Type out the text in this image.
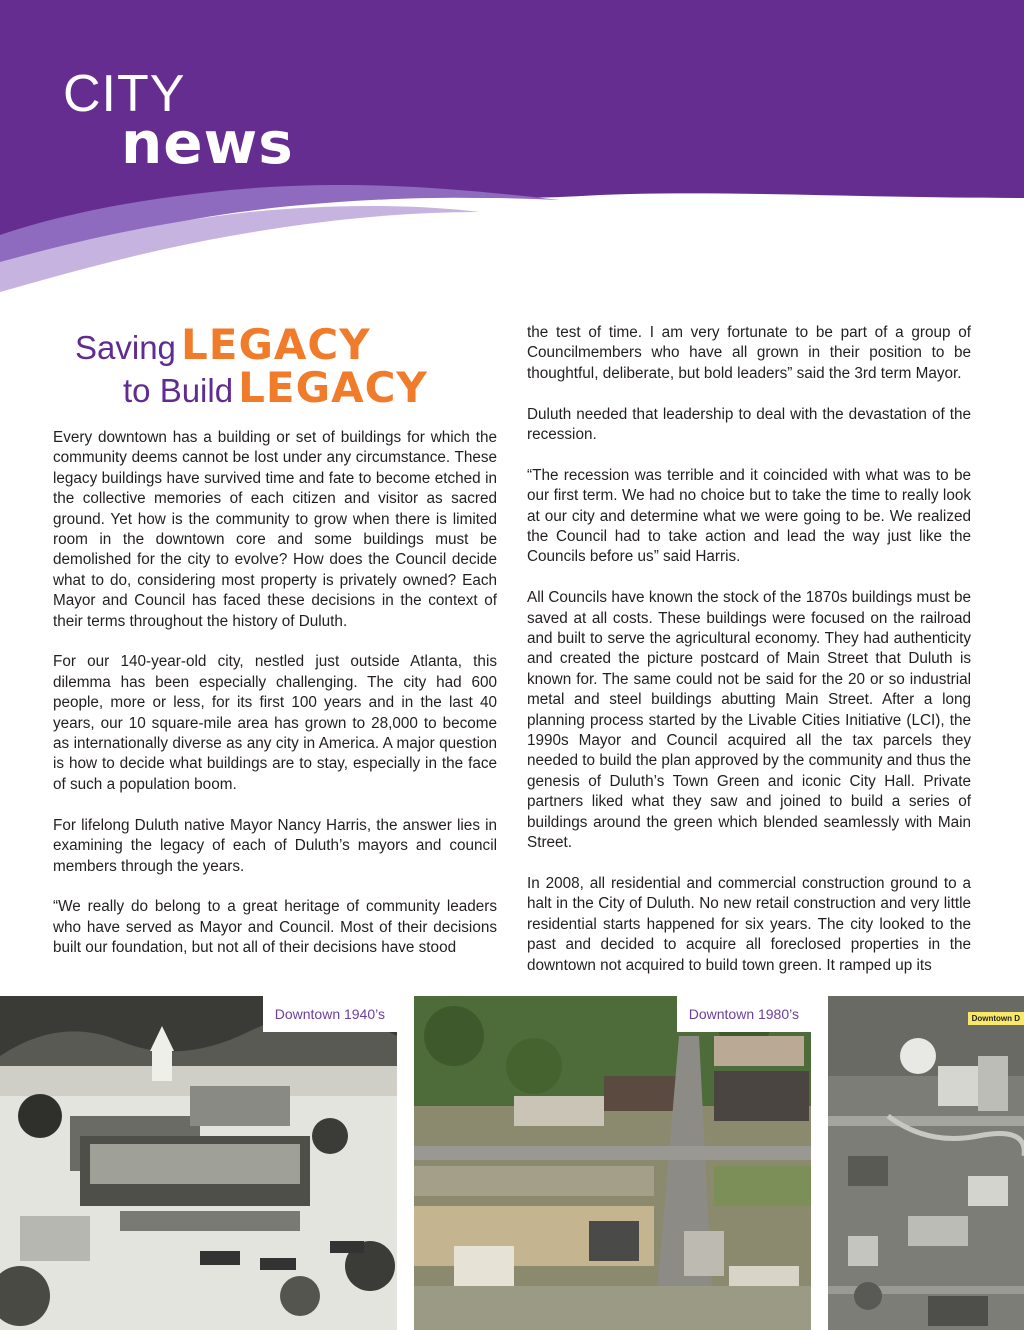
CITY
news
Saving LEGACY
to Build LEGACY

Every downtown has a building or set of buildings for which the community deems cannot be lost under any circumstance. These legacy buildings have survived time and fate to become etched in the collective memories of each citizen and visitor as sacred ground. Yet how is the community to grow when there is limited room in the downtown core and some buildings must be demolished for the city to evolve? How does the Council decide what to do, considering most property is privately owned? Each Mayor and Council has faced these decisions in the context of their terms throughout the history of Duluth.

For our 140-year-old city, nestled just outside Atlanta, this dilemma has been especially challenging. The city had 600 people, more or less, for its first 100 years and in the last 40 years, our 10 square-mile area has grown to 28,000 to become as internationally diverse as any city in America. A major question is how to decide what buildings are to stay, especially in the face of such a population boom.

For lifelong Duluth native Mayor Nancy Harris, the answer lies in examining the legacy of each of Duluth’s mayors and council members through the years.

“We really do belong to a great heritage of community leaders who have served as Mayor and Council. Most of their decisions built our foundation, but not all of their decisions have stood

the test of time. I am very fortunate to be part of a group of Councilmembers who have all grown in their position to be thoughtful, deliberate, but bold leaders” said the 3rd term Mayor.

Duluth needed that leadership to deal with the devastation of the recession.

“The recession was terrible and it coincided with what was to be our first term. We had no choice but to take the time to really look at our city and determine what we were going to be. We realized the Council had to take action and lead the way just like the Councils before us” said Harris.

All Councils have known the stock of the 1870s buildings must be saved at all costs. These buildings were focused on the railroad and built to serve the agricultural economy. They had authenticity and created the picture postcard of Main Street that Duluth is known for. The same could not be said for the 20 or so industrial metal and steel buildings abutting Main Street. After a long planning process started by the Livable Cities Initiative (LCI), the 1990s Mayor and Council acquired all the tax parcels they needed to build the plan approved by the community and thus the genesis of Duluth’s Town Green and iconic City Hall. Private partners liked what they saw and joined to build a series of buildings around the green which blended seamlessly with Main Street.

In 2008, all residential and commercial construction ground to a halt in the City of Duluth. No new retail construction and very little residential starts happened for six years. The city looked to the past and decided to acquire all foreclosed properties in the downtown not acquired to build town green. It ramped up its

Downtown 1940’s	Downtown 1980’s	Downtown D
